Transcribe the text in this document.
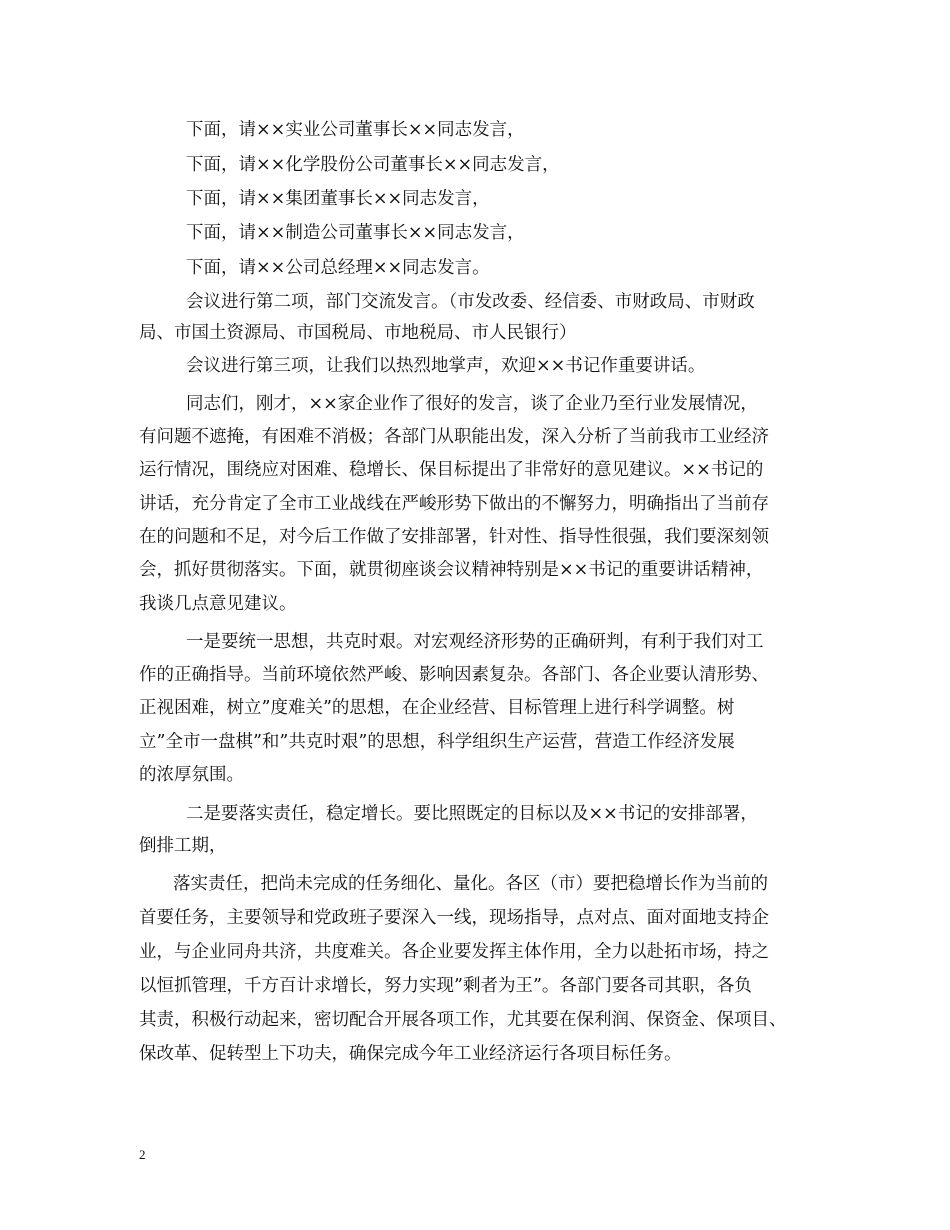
下面，请××实业公司董事长××同志发言，
下面，请××化学股份公司董事长××同志发言，
下面，请××集团董事长××同志发言，
下面，请××制造公司董事长××同志发言，
下面，请××公司总经理××同志发言。
会议进行第二项，部门交流发言。（市发改委、经信委、市财政局、市财政
局、市国土资源局、市国税局、市地税局、市人民银行）
会议进行第三项，让我们以热烈地掌声，欢迎××书记作重要讲话。
同志们，刚才，××家企业作了很好的发言，谈了企业乃至行业发展情况，
有问题不遮掩，有困难不消极；各部门从职能出发，深入分析了当前我市工业经济
运行情况，围绕应对困难、稳增长、保目标提出了非常好的意见建议。××书记的
讲话，充分肯定了全市工业战线在严峻形势下做出的不懈努力，明确指出了当前存
在的问题和不足，对今后工作做了安排部署，针对性、指导性很强，我们要深刻领
会，抓好贯彻落实。下面，就贯彻座谈会议精神特别是××书记的重要讲话精神，
我谈几点意见建议。
一是要统一思想，共克时艰。对宏观经济形势的正确研判，有利于我们对工
作的正确指导。当前环境依然严峻、影响因素复杂。各部门、各企业要认清形势、
正视困难，树立”度难关”的思想，在企业经营、目标管理上进行科学调整。树
立”全市一盘棋”和”共克时艰”的思想，科学组织生产运营，营造工作经济发展
的浓厚氛围。
二是要落实责任，稳定增长。要比照既定的目标以及××书记的安排部署，
倒排工期，
落实责任，把尚未完成的任务细化、量化。各区（市）要把稳增长作为当前的
首要任务，主要领导和党政班子要深入一线，现场指导，点对点、面对面地支持企
业，与企业同舟共济，共度难关。各企业要发挥主体作用，全力以赴拓市场，持之
以恒抓管理，千方百计求增长，努力实现”剩者为王”。各部门要各司其职，各负
其责，积极行动起来，密切配合开展各项工作，尤其要在保利润、保资金、保项目、
保改革、促转型上下功夫，确保完成今年工业经济运行各项目标任务。
2
